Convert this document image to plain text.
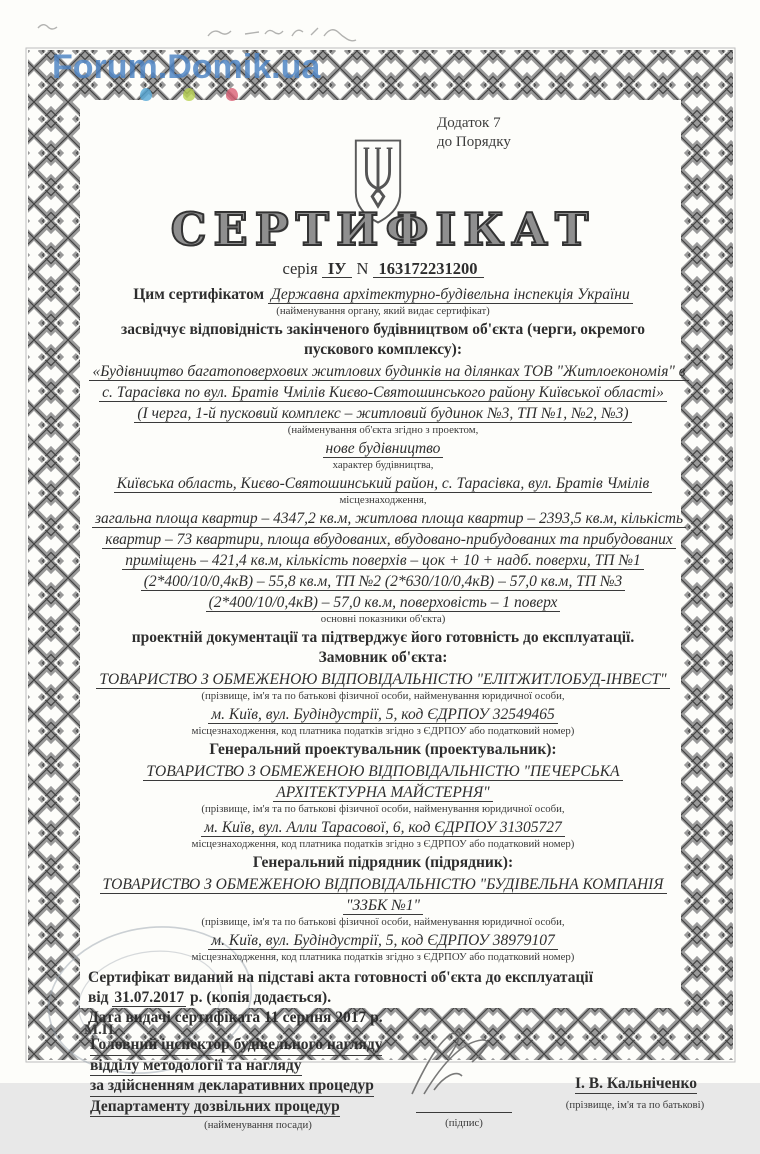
Forum.Domik.ua
Додаток 7
до Порядку
СЕРТИФІКАТ
серія ІУ N 163172231200
Цим сертифікатом Державна архітектурно-будівельна інспекція України
(найменування органу, який видає сертифікат)
засвідчує відповідність закінченого будівництвом об'єкта (черги, окремого
пускового комплексу):
«Будівництво багатоповерхових житлових будинків на ділянках ТОВ "Житлоекономія" в
с. Тарасівка по вул. Братів Чмілів Києво-Святошинського району Київської області»
(І черга, 1-й пусковий комплекс – житловий будинок №3, ТП №1, №2, №3)
(найменування об'єкта згідно з проектом,
нове будівництво
характер будівництва,
Київська область, Києво-Святошинський район, с. Тарасівка, вул. Братів Чмілів
місцезнаходження,
загальна площа квартир – 4347,2 кв.м, житлова площа квартир – 2393,5 кв.м, кількість
квартир – 73 квартири, площа вбудованих, вбудовано-прибудованих та прибудованих
приміщень – 421,4 кв.м, кількість поверхів – цок + 10 + надб. поверхи, ТП №1
(2*400/10/0,4кВ) – 55,8 кв.м, ТП №2 (2*630/10/0,4кВ) – 57,0 кв.м, ТП №3
(2*400/10/0,4кВ) – 57,0 кв.м, поверховість – 1 поверх
основні показники об'єкта)
проектній документації та підтверджує його готовність до експлуатації.
Замовник об'єкта:
ТОВАРИСТВО З ОБМЕЖЕНОЮ ВІДПОВІДАЛЬНІСТЮ "ЕЛІТЖИТЛОБУД-ІНВЕСТ"
(прізвище, ім'я та по батькові фізичної особи, найменування юридичної особи,
м. Київ, вул. Будіндустрії, 5, код ЄДРПОУ 32549465
місцезнаходження, код платника податків згідно з ЄДРПОУ або податковий номер)
Генеральний проектувальник (проектувальник):
ТОВАРИСТВО З ОБМЕЖЕНОЮ ВІДПОВІДАЛЬНІСТЮ "ПЕЧЕРСЬКА
АРХІТЕКТУРНА МАЙСТЕРНЯ"
(прізвище, ім'я та по батькові фізичної особи, найменування юридичної особи,
м. Київ, вул. Алли Тарасової, 6, код ЄДРПОУ 31305727
місцезнаходження, код платника податків згідно з ЄДРПОУ або податковий номер)
Генеральний підрядник (підрядник):
ТОВАРИСТВО З ОБМЕЖЕНОЮ ВІДПОВІДАЛЬНІСТЮ "БУДІВЕЛЬНА КОМПАНІЯ
"ЗЗБК №1"
(прізвище, ім'я та по батькові фізичної особи, найменування юридичної особи,
м. Київ, вул. Будіндустрії, 5, код ЄДРПОУ 38979107
місцезнаходження, код платника податків згідно з ЄДРПОУ або податковий номер)
Сертифікат виданий на підставі акта готовності об'єкта до експлуатації
від 31.07.2017 р. (копія додається).
Дата видачі сертифіката 11 серпня 2017 р.
Головний інспектор будівельного нагляду
відділу методології та нагляду
за здійсненням декларативних процедур
Департаменту дозвільних процедур
(найменування посади)	(підпис)
І. В. Кальніченко
(прізвище, ім'я та по батькові)
М.П.
